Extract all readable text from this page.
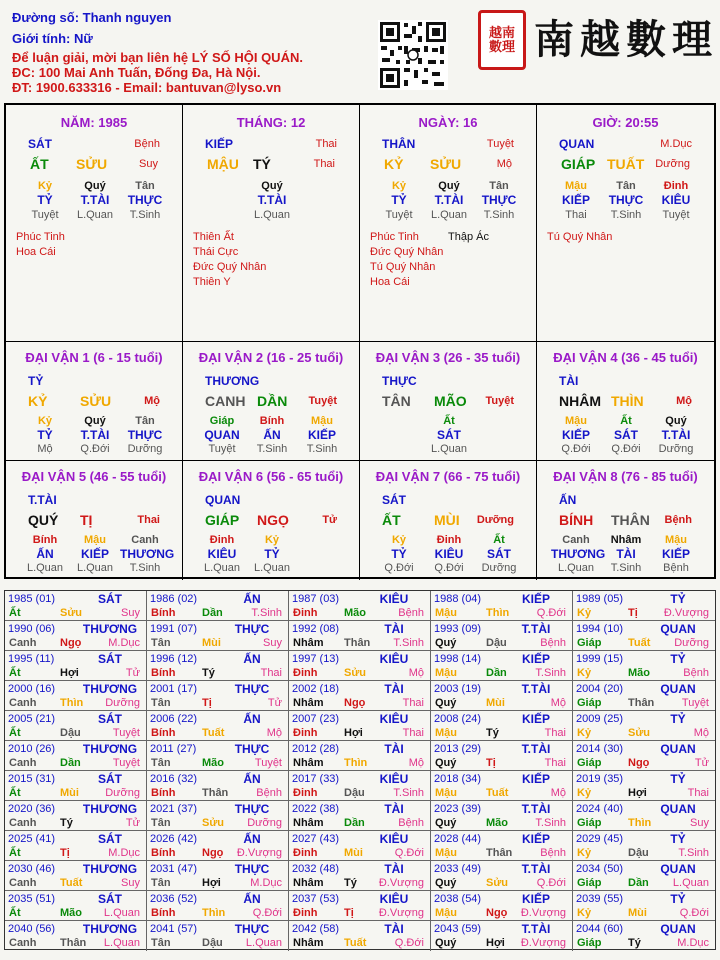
Đường số: Thanh nguyen
Giới tính: Nữ
Để luận giải, mời bạn liên hệ LÝ SỐ HỘI QUÁN.
ĐC: 100 Mai Anh Tuấn, Đống Đa, Hà Nội.
ĐT: 1900.633316 - Email: bantuvan@lyso.vn
越南數理 南越數理
NĂM: 1985
SÁT	Bệnh
ẤT SỬU	Suy
Kỷ
TỶ
Tuyệt
Quý
T.TÀI
L.Quan
Tân
THỰC
T.Sinh
Phúc Tinh
Hoa Cái
THÁNG: 12
KIẾP	Thai
MẬU TÝ	Thai
Quý
T.TÀI
L.Quan
Thiên Ất
Thái Cực
Đức Quý Nhân
Thiên Y
NGÀY: 16
THÂN	Tuyệt
KỶ SỬU	Mộ
Kỷ
TỶ
Tuyệt
Quý
T.TÀI
L.Quan
Tân
THỰC
T.Sinh
Phúc Tinh
Đức Quý Nhân
Tú Quý Nhân
Hoa Cái
Thập Ác
GIỜ: 20:55
QUAN	M.Dục
GIÁP TUẤT Dưỡng
Mậu
KIẾP
Thai
Tân
THỰC
T.Sinh
Đinh
KIÊU
Tuyệt
Tú Quý Nhân
ĐẠI VẬN 1 (6 - 15 tuổi)
TỶ
KỶ SỬU	Mộ
Kỷ
TỶ
Mộ
Quý
T.TÀI
Q.Đới
Tân
THỰC
Dưỡng
ĐẠI VẬN 2 (16 - 25 tuổi)
THƯƠNG
CANH DẦN Tuyệt
Giáp
QUAN
Tuyệt
Bính
ẤN
T.Sinh
Mậu
KIẾP
T.Sinh
ĐẠI VẬN 3 (26 - 35 tuổi)
THỰC
TÂN MÃO Tuyệt
Ất
SÁT
L.Quan
ĐẠI VẬN 4 (36 - 45 tuổi)
TÀI
NHÂM THÌN	Mộ
Mậu
KIẾP
Q.Đới
Ất
SÁT
Q.Đới
Quý
T.TÀI
Dưỡng
ĐẠI VẬN 5 (46 - 55 tuổi)
T.TÀI
QUÝ TỊ	Thai
Bính
ẤN
L.Quan
Mậu
KIẾP
L.Quan
Canh
THƯƠNG
T.Sinh
ĐẠI VẬN 6 (56 - 65 tuổi)
QUAN
GIÁP NGỌ	Tử
Đinh
KIÊU
L.Quan
Kỷ
TỶ
L.Quan
ĐẠI VẬN 7 (66 - 75 tuổi)
SÁT
ẤT MÙI Dưỡng
Kỷ
TỶ
Q.Đới
Đinh
KIÊU
Q.Đới
Ất
SÁT
Dưỡng
ĐẠI VẬN 8 (76 - 85 tuổi)
ẤN
BÍNH THÂN Bệnh
Canh
THƯƠNG
L.Quan
Nhâm
TÀI
T.Sinh
Mậu
KIẾP
Bệnh
1985 (01)	SÁT
Ất	Sửu	Suy
1986 (02)	ẤN
Bính Dần	T.Sinh
1987 (03)	KIÊU
Đinh Mão	Bệnh
1988 (04)	KIẾP
Mậu	Thìn	Q.Đới
1989 (05)	TỶ
Kỷ	Tị Đ.Vượng
1990 (06)	THƯƠNG
Canh Ngọ M.Dục
1991 (07)	THỰC
Tân	Mùi	Suy
1992 (08)	TÀI
Nhâm Thân T.Sinh
1993 (09)	T.TÀI
Quý	Dậu	Bệnh
1994 (10)	QUAN
Giáp Tuất Dưỡng
1995 (11)	SÁT
Ất	Hợi	Tử
1996 (12)	ẤN
Bính Tý	Thai
1997 (13)	KIÊU
Đinh Sửu	Mộ
1998 (14)	KIẾP
Mậu	Dần	T.Sinh
1999 (15)	TỶ
Kỷ	Mão	Bệnh
2000 (16)	THƯƠNG
Canh Thìn Dưỡng
2001 (17)	THỰC
Tân	Tị	Tử
2002 (18)	TÀI
Nhâm Ngọ	Thai
2003 (19)	T.TÀI
Quý	Mùi	Mộ
2004 (20)	QUAN
Giáp Thân	Tuyệt
2005 (21)	SÁT
Ất	Dậu	Tuyệt
2006 (22)	ẤN
Bính Tuất	Mộ
2007 (23)	KIÊU
Đinh Hợi	Thai
2008 (24)	KIẾP
Mậu	Tý	Thai
2009 (25)	TỶ
Kỷ	Sửu	Mộ
2010 (26)	THƯƠNG
Canh Dần	Tuyệt
2011 (27)	THỰC
Tân	Mão	Tuyệt
2012 (28)	TÀI
Nhâm Thìn	Mộ
2013 (29)	T.TÀI
Quý	Tị	Thai
2014 (30)	QUAN
Giáp Ngọ	Tử
2015 (31)	SÁT
Ất	Mùi Dưỡng
2016 (32)	ẤN
Bính Thân	Bệnh
2017 (33)	KIÊU
Đinh Dậu	T.Sinh
2018 (34)	KIẾP
Mậu	Tuất	Mộ
2019 (35)	TỶ
Kỷ	Hợi	Thai
2020 (36)	THƯƠNG
Canh Tý	Tử
2021 (37)	THỰC
Tân	Sửu Dưỡng
2022 (38)	TÀI
Nhâm Dần	Bệnh
2023 (39)	T.TÀI
Quý	Mão T.Sinh
2024 (40)	QUAN
Giáp Thìn	Suy
2025 (41)	SÁT
Ất	Tị	M.Dục
2026 (42)	ẤN
Bính Ngọ Đ.Vượng
2027 (43)	KIÊU
Đinh Mùi	Q.Đới
2028 (44)	KIẾP
Mậu	Thân	Bệnh
2029 (45)	TỶ
Kỷ	Dậu	T.Sinh
2030 (46)	THƯƠNG
Canh Tuất	Suy
2031 (47)	THỰC
Tân	Hợi	M.Dục
2032 (48)	TÀI
Nhâm Tý Đ.Vượng
2033 (49)	T.TÀI
Quý	Sửu	Q.Đới
2034 (50)	QUAN
Giáp Dần L.Quan
2035 (51)	SÁT
Ất	Mão L.Quan
2036 (52)	ẤN
Bính Thìn	Q.Đới
2037 (53)	KIÊU
Đinh Tị Đ.Vượng
2038 (54)	KIẾP
Mậu	Ngọ Đ.Vượng
2039 (55)	TỶ
Kỷ	Mùi	Q.Đới
2040 (56)	THƯƠNG
Canh Thân L.Quan
2041 (57)	THỰC
Tân	Dậu L.Quan
2042 (58)	TÀI
Nhâm Tuất	Q.Đới
2043 (59)	T.TÀI
Quý	Hợi Đ.Vượng
2044 (60)	QUAN
Giáp Tý	M.Dục
